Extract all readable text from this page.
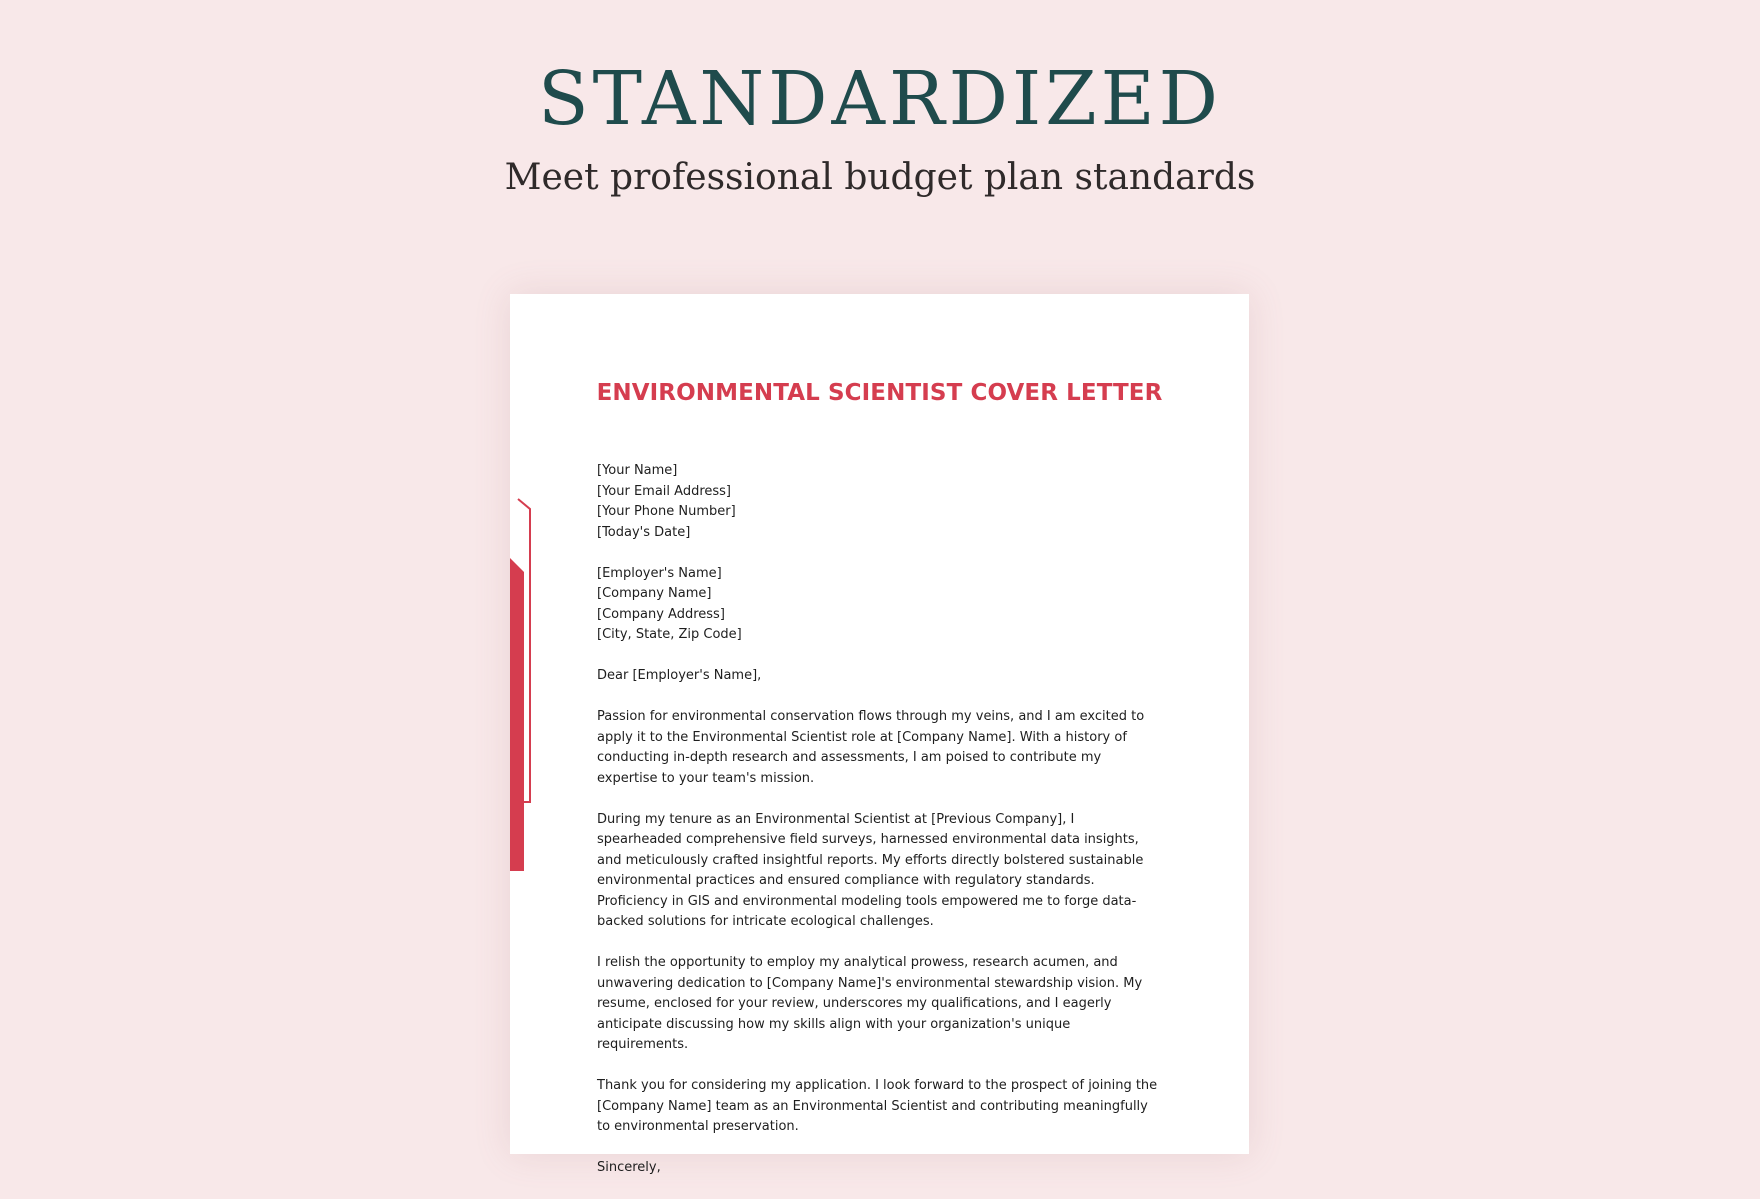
STANDARDIZED

Meet professional budget plan standards

ENVIRONMENTAL SCIENTIST COVER LETTER
[Your Name]
[Your Email Address]
[Your Phone Number]
[Today's Date]
[Employer's Name]
[Company Name]
[Company Address]
[City, State, Zip Code]
Dear [Employer's Name],
Passion for environmental conservation flows through my veins, and I am excited to apply it to the Environmental Scientist role at [Company Name]. With a history of conducting in-depth research and assessments, I am poised to contribute my expertise to your team's mission.
During my tenure as an Environmental Scientist at [Previous Company], I spearheaded comprehensive field surveys, harnessed environmental data insights, and meticulously crafted insightful reports. My efforts directly bolstered sustainable environmental practices and ensured compliance with regulatory standards. Proficiency in GIS and environmental modeling tools empowered me to forge data-backed solutions for intricate ecological challenges.
I relish the opportunity to employ my analytical prowess, research acumen, and unwavering dedication to [Company Name]'s environmental stewardship vision. My resume, enclosed for your review, underscores my qualifications, and I eagerly anticipate discussing how my skills align with your organization's unique requirements.
Thank you for considering my application. I look forward to the prospect of joining the [Company Name] team as an Environmental Scientist and contributing meaningfully to environmental preservation.
Sincerely,
